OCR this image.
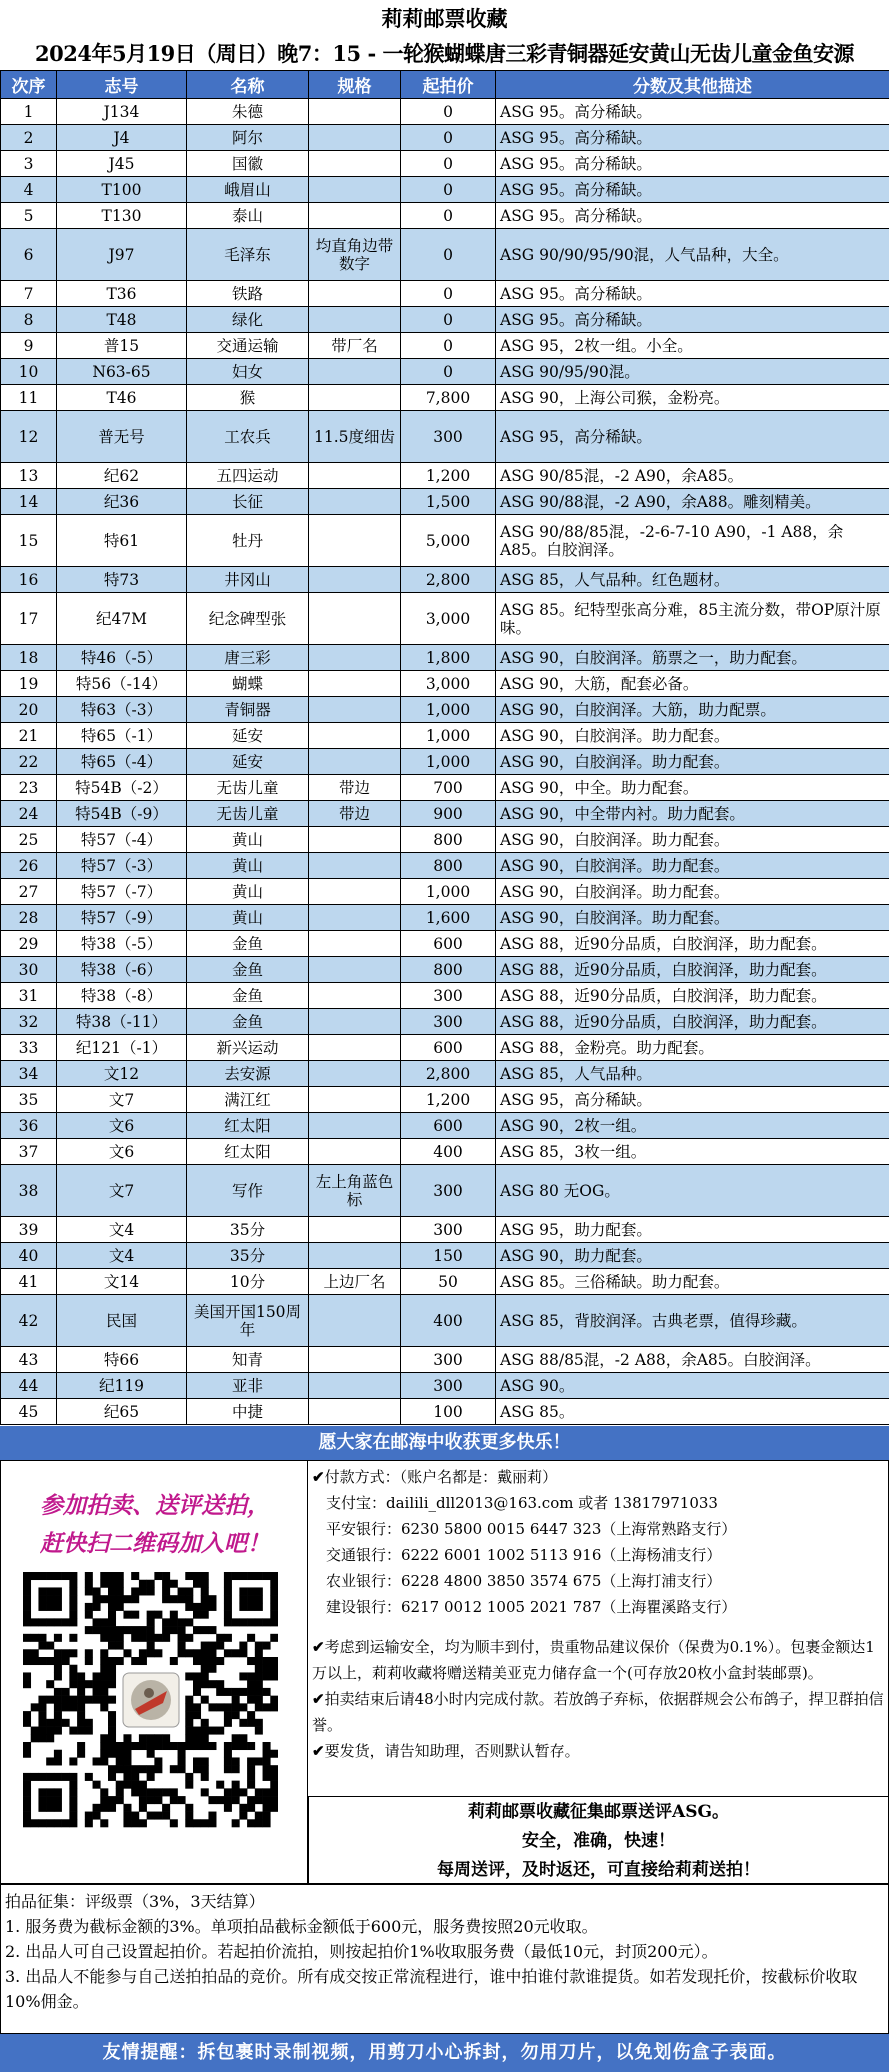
莉莉邮票收藏
2024年5月19日（周日）晚7：15 - 一轮猴蝴蝶唐三彩青铜器延安黄山无齿儿童金鱼安源
次序	志号	名称	规格	起拍价	分数及其他描述
1	J134	朱德		0	ASG 95。高分稀缺。
2	J4	阿尔		0	ASG 95。高分稀缺。
3	J45	国徽		0	ASG 95。高分稀缺。
4	T100	峨眉山		0	ASG 95。高分稀缺。
5	T130	泰山		0	ASG 95。高分稀缺。
6	J97	毛泽东	均直角边带数字	0	ASG 90/90/95/90混，人气品种，大全。
7	T36	铁路		0	ASG 95。高分稀缺。
8	T48	绿化		0	ASG 95。高分稀缺。
9	普15	交通运输	带厂名	0	ASG 95，2枚一组。小全。
10	N63-65	妇女		0	ASG 90/95/90混。
11	T46	猴		7,800	ASG 90，上海公司猴，金粉亮。
12	普无号	工农兵	11.5度细齿	300	ASG 95，高分稀缺。
13	纪62	五四运动		1,200	ASG 90/85混，-2 A90，余A85。
14	纪36	长征		1,500	ASG 90/88混，-2 A90，余A88。雕刻精美。
15	特61	牡丹		5,000	ASG 90/88/85混，-2-6-7-10 A90，-1 A88，余A85。白胶润泽。
16	特73	井冈山		2,800	ASG 85，人气品种。红色题材。
17	纪47M	纪念碑型张		3,000	ASG 85。纪特型张高分难，85主流分数，带OP原汁原味。
18	特46（-5）	唐三彩		1,800	ASG 90，白胶润泽。筋票之一，助力配套。
19	特56（-14）	蝴蝶		3,000	ASG 90，大筋，配套必备。
20	特63（-3）	青铜器		1,000	ASG 90，白胶润泽。大筋，助力配票。
21	特65（-1）	延安		1,000	ASG 90，白胶润泽。助力配套。
22	特65（-4）	延安		1,000	ASG 90，白胶润泽。助力配套。
23	特54B（-2）	无齿儿童	带边	700	ASG 90，中全。助力配套。
24	特54B（-9）	无齿儿童	带边	900	ASG 90，中全带内衬。助力配套。
25	特57（-4）	黄山		800	ASG 90，白胶润泽。助力配套。
26	特57（-3）	黄山		800	ASG 90，白胶润泽。助力配套。
27	特57（-7）	黄山		1,000	ASG 90，白胶润泽。助力配套。
28	特57（-9）	黄山		1,600	ASG 90，白胶润泽。助力配套。
29	特38（-5）	金鱼		600	ASG 88，近90分品质，白胶润泽，助力配套。
30	特38（-6）	金鱼		800	ASG 88，近90分品质，白胶润泽，助力配套。
31	特38（-8）	金鱼		300	ASG 88，近90分品质，白胶润泽，助力配套。
32	特38（-11）	金鱼		300	ASG 88，近90分品质，白胶润泽，助力配套。
33	纪121（-1）	新兴运动		600	ASG 88，金粉亮。助力配套。
34	文12	去安源		2,800	ASG 85，人气品种。
35	文7	满江红		1,200	ASG 95，高分稀缺。
36	文6	红太阳		600	ASG 90，2枚一组。
37	文6	红太阳		400	ASG 85，3枚一组。
38	文7	写作	左上角蓝色标	300	ASG 80 无OG。
39	文4	35分		300	ASG 95，助力配套。
40	文4	35分		150	ASG 90，助力配套。
41	文14	10分	上边厂名	50	ASG 85。三俗稀缺。助力配套。
42	民国	美国开国150周年		400	ASG 85，背胶润泽。古典老票，值得珍藏。
43	特66	知青		300	ASG 88/85混，-2 A88，余A85。白胶润泽。
44	纪119	亚非		300	ASG 90。
45	纪65	中捷		100	ASG 85。
愿大家在邮海中收获更多快乐！
参加拍卖、送评送拍，
赶快扫二维码加入吧！
✔付款方式：（账户名都是：戴丽莉）
支付宝：dailili_dll2013@163.com 或者 13817971033
平安银行：6230 5800 0015 6447 323（上海常熟路支行）
交通银行：6222 6001 1002 5113 916（上海杨浦支行）
农业银行：6228 4800 3850 3574 675（上海打浦支行）
建设银行：6217 0012 1005 2021 787（上海瞿溪路支行）
✔考虑到运输安全，均为顺丰到付，贵重物品建议保价（保费为0.1%）。包裹金额达1万以上，莉莉收藏将赠送精美亚克力储存盒一个(可存放20枚小盒封装邮票)。
✔拍卖结束后请48小时内完成付款。若放鸽子弃标，依据群规会公布鸽子，捍卫群拍信誉。
✔要发货，请告知助理，否则默认暂存。
莉莉邮票收藏征集邮票送评ASG。
安全，准确，快速！
每周送评，及时返还，可直接给莉莉送拍！
拍品征集：评级票（3%，3天结算）
1. 服务费为截标金额的3%。单项拍品截标金额低于600元，服务费按照20元收取。
2. 出品人可自己设置起拍价。若起拍价流拍，则按起拍价1%收取服务费（最低10元，封顶200元）。
3. 出品人不能参与自己送拍拍品的竞价。所有成交按正常流程进行，谁中拍谁付款谁提货。如若发现托价，按截标价收取10%佣金。
友情提醒：拆包裹时录制视频，用剪刀小心拆封，勿用刀片，以免划伤盒子表面。
